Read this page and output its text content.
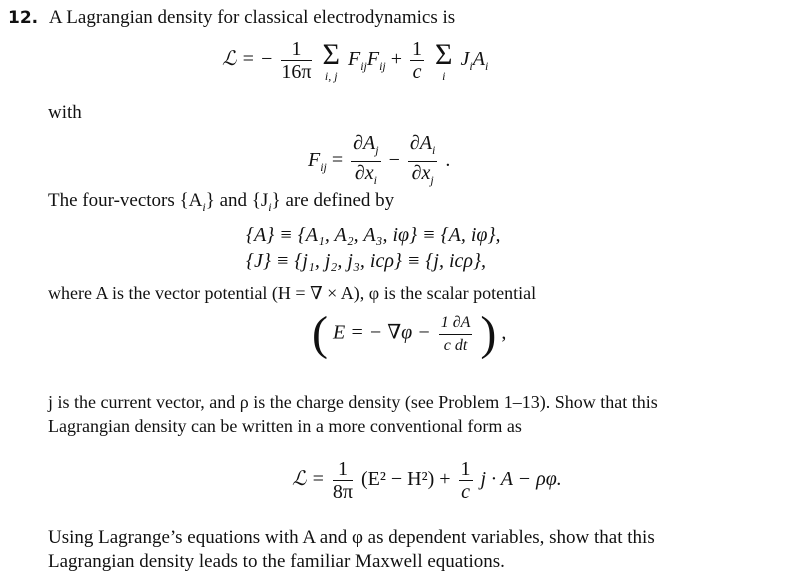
12. A Lagrangian density for classical electrodynamics is
ℒ = − $\frac{1}{16\pi}$
Σ
i, j
$F_{ij}F_{ij} + \frac{1}{c}$
Σ
i
$J_iA_i$
with
$F_{ij} = \frac{\partial A_j}{\partial x_i} - \frac{\partial A_i}{\partial x_j}$ .
The four-vectors $\{A_i\}$ and $\{J_i\}$ are defined by
{A} ≡ {A₁, A₂, A₃, iφ} ≡ {A, iφ},
{J} ≡ {j₁, j₂, j₃, icρ} ≡ {j, icρ},
where A is the vector potential (H = ∇ × A), φ is the scalar potential
( E = − $\nabla\varphi - \frac{1 \partial A}{\text{c dt}}$ ) ,
j is the current vector, and ρ is the charge density (see Problem 1–13). Show that this
Lagrangian density can be written in a more conventional form as
ℒ = $\frac{1}{8\pi} (E^2 - H^2) + \frac{1}{c}$ j · A − ρφ.
Using Lagrange’s equations with A and φ as dependent variables, show that this
Lagrangian density leads to the familiar Maxwell equations.
